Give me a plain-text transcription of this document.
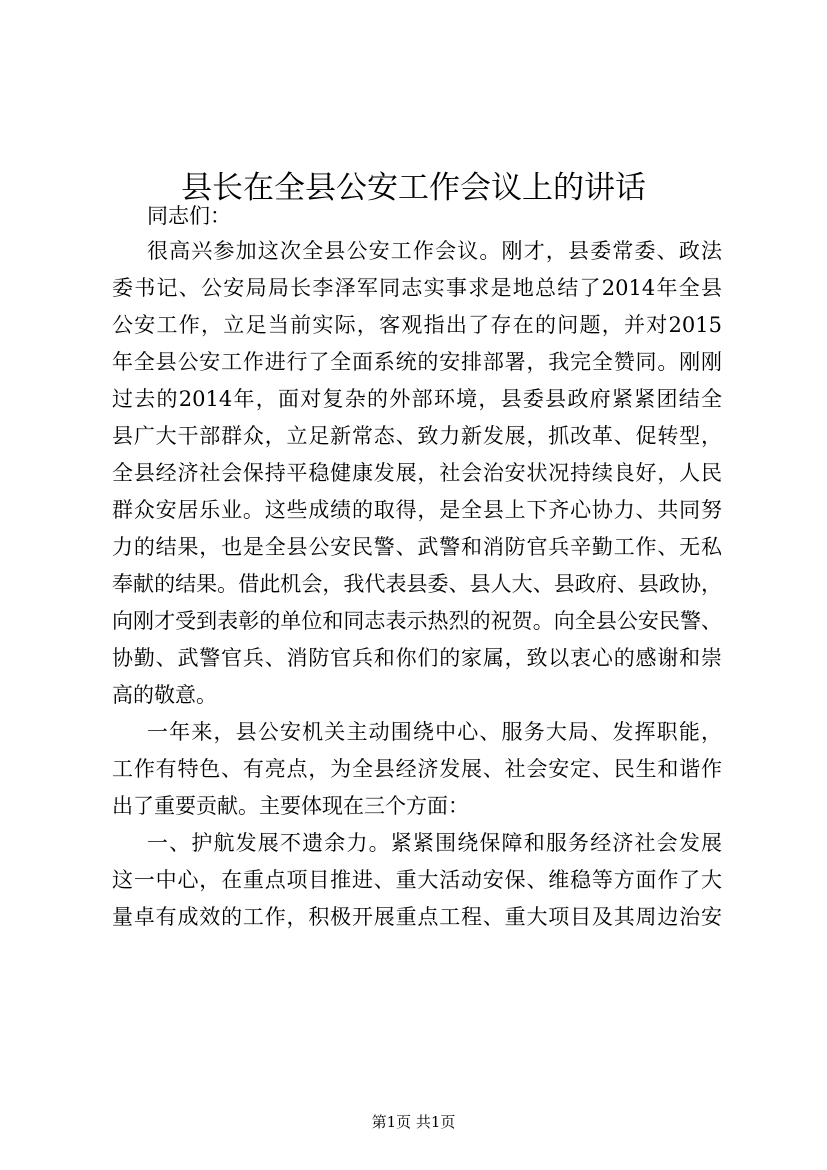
县长在全县公安工作会议上的讲话
同志们：
很高兴参加这次全县公安工作会议。刚才，县委常委、政法
委书记、公安局局长李泽军同志实事求是地总结了2014年全县
公安工作，立足当前实际，客观指出了存在的问题，并对2015
年全县公安工作进行了全面系统的安排部署，我完全赞同。刚刚
过去的2014年，面对复杂的外部环境，县委县政府紧紧团结全
县广大干部群众，立足新常态、致力新发展，抓改革、促转型，
全县经济社会保持平稳健康发展，社会治安状况持续良好，人民
群众安居乐业。这些成绩的取得，是全县上下齐心协力、共同努
力的结果，也是全县公安民警、武警和消防官兵辛勤工作、无私
奉献的结果。借此机会，我代表县委、县人大、县政府、县政协，
向刚才受到表彰的单位和同志表示热烈的祝贺。向全县公安民警、
协勤、武警官兵、消防官兵和你们的家属，致以衷心的感谢和崇
高的敬意。
一年来，县公安机关主动围绕中心、服务大局、发挥职能，
工作有特色、有亮点，为全县经济发展、社会安定、民生和谐作
出了重要贡献。主要体现在三个方面：
一、护航发展不遗余力。紧紧围绕保障和服务经济社会发展
这一中心，在重点项目推进、重大活动安保、维稳等方面作了大
量卓有成效的工作，积极开展重点工程、重大项目及其周边治安
第1页 共1页
